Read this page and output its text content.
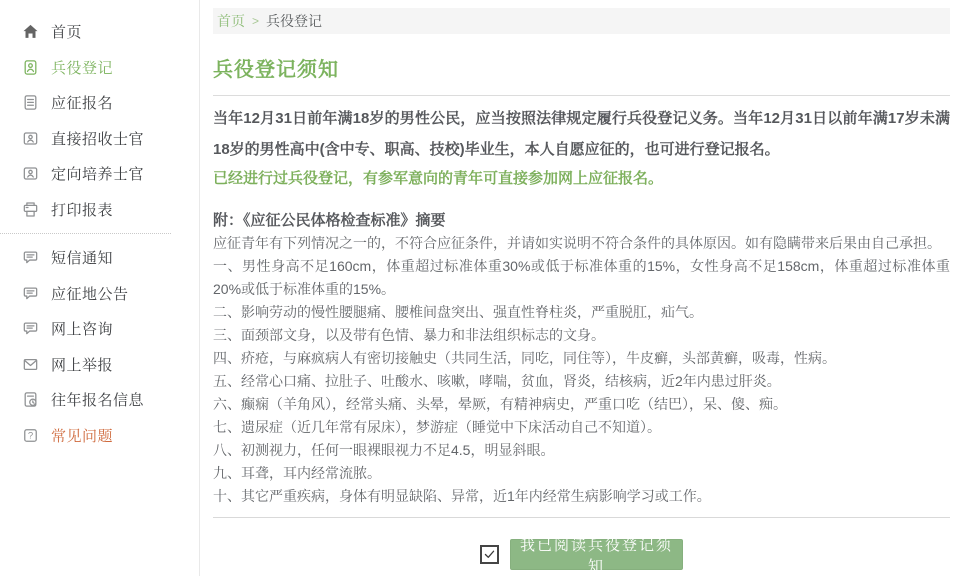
首页
兵役登记
应征报名
直接招收士官
定向培养士官
打印报表
短信通知
应征地公告
网上咨询
网上举报
往年报名信息
? 常见问题
首页 > 兵役登记
兵役登记须知

当年12月31日前年满18岁的男性公民，应当按照法律规定履行兵役登记义务。当年12月31日以前年满17岁未满18岁的男性高中(含中专、职高、技校)毕业生，本人自愿应征的，也可进行登记报名。

已经进行过兵役登记，有参军意向的青年可直接参加网上应征报名。

附：《应征公民体格检查标准》摘要
应征青年有下列情况之一的，不符合应征条件，并请如实说明不符合条件的具体原因。如有隐瞒带来后果由自己承担。
一、男性身高不足160cm，体重超过标准体重30%或低于标准体重的15%，女性身高不足158cm，体重超过标准体重20%或低于标准体重的15%。
二、影响劳动的慢性腰腿痛、腰椎间盘突出、强直性脊柱炎，严重脱肛，疝气。
三、面颈部文身，以及带有色情、暴力和非法组织标志的文身。
四、疥疮，与麻疯病人有密切接触史（共同生活，同吃，同住等），牛皮癣，头部黄癣，吸毒，性病。
五、经常心口痛、拉肚子、吐酸水、咳嗽，哮喘，贫血，肾炎，结核病，近2年内患过肝炎。
六、癫痫（羊角风），经常头痛、头晕，晕厥，有精神病史，严重口吃（结巴），呆、傻、痴。
七、遗尿症（近几年常有尿床），梦游症（睡觉中下床活动自己不知道）。
八、初测视力，任何一眼裸眼视力不足4.5，明显斜眼。
九、耳聋，耳内经常流脓。
十、其它严重疾病，身体有明显缺陷、异常，近1年内经常生病影响学习或工作。
我已阅读兵役登记须知
